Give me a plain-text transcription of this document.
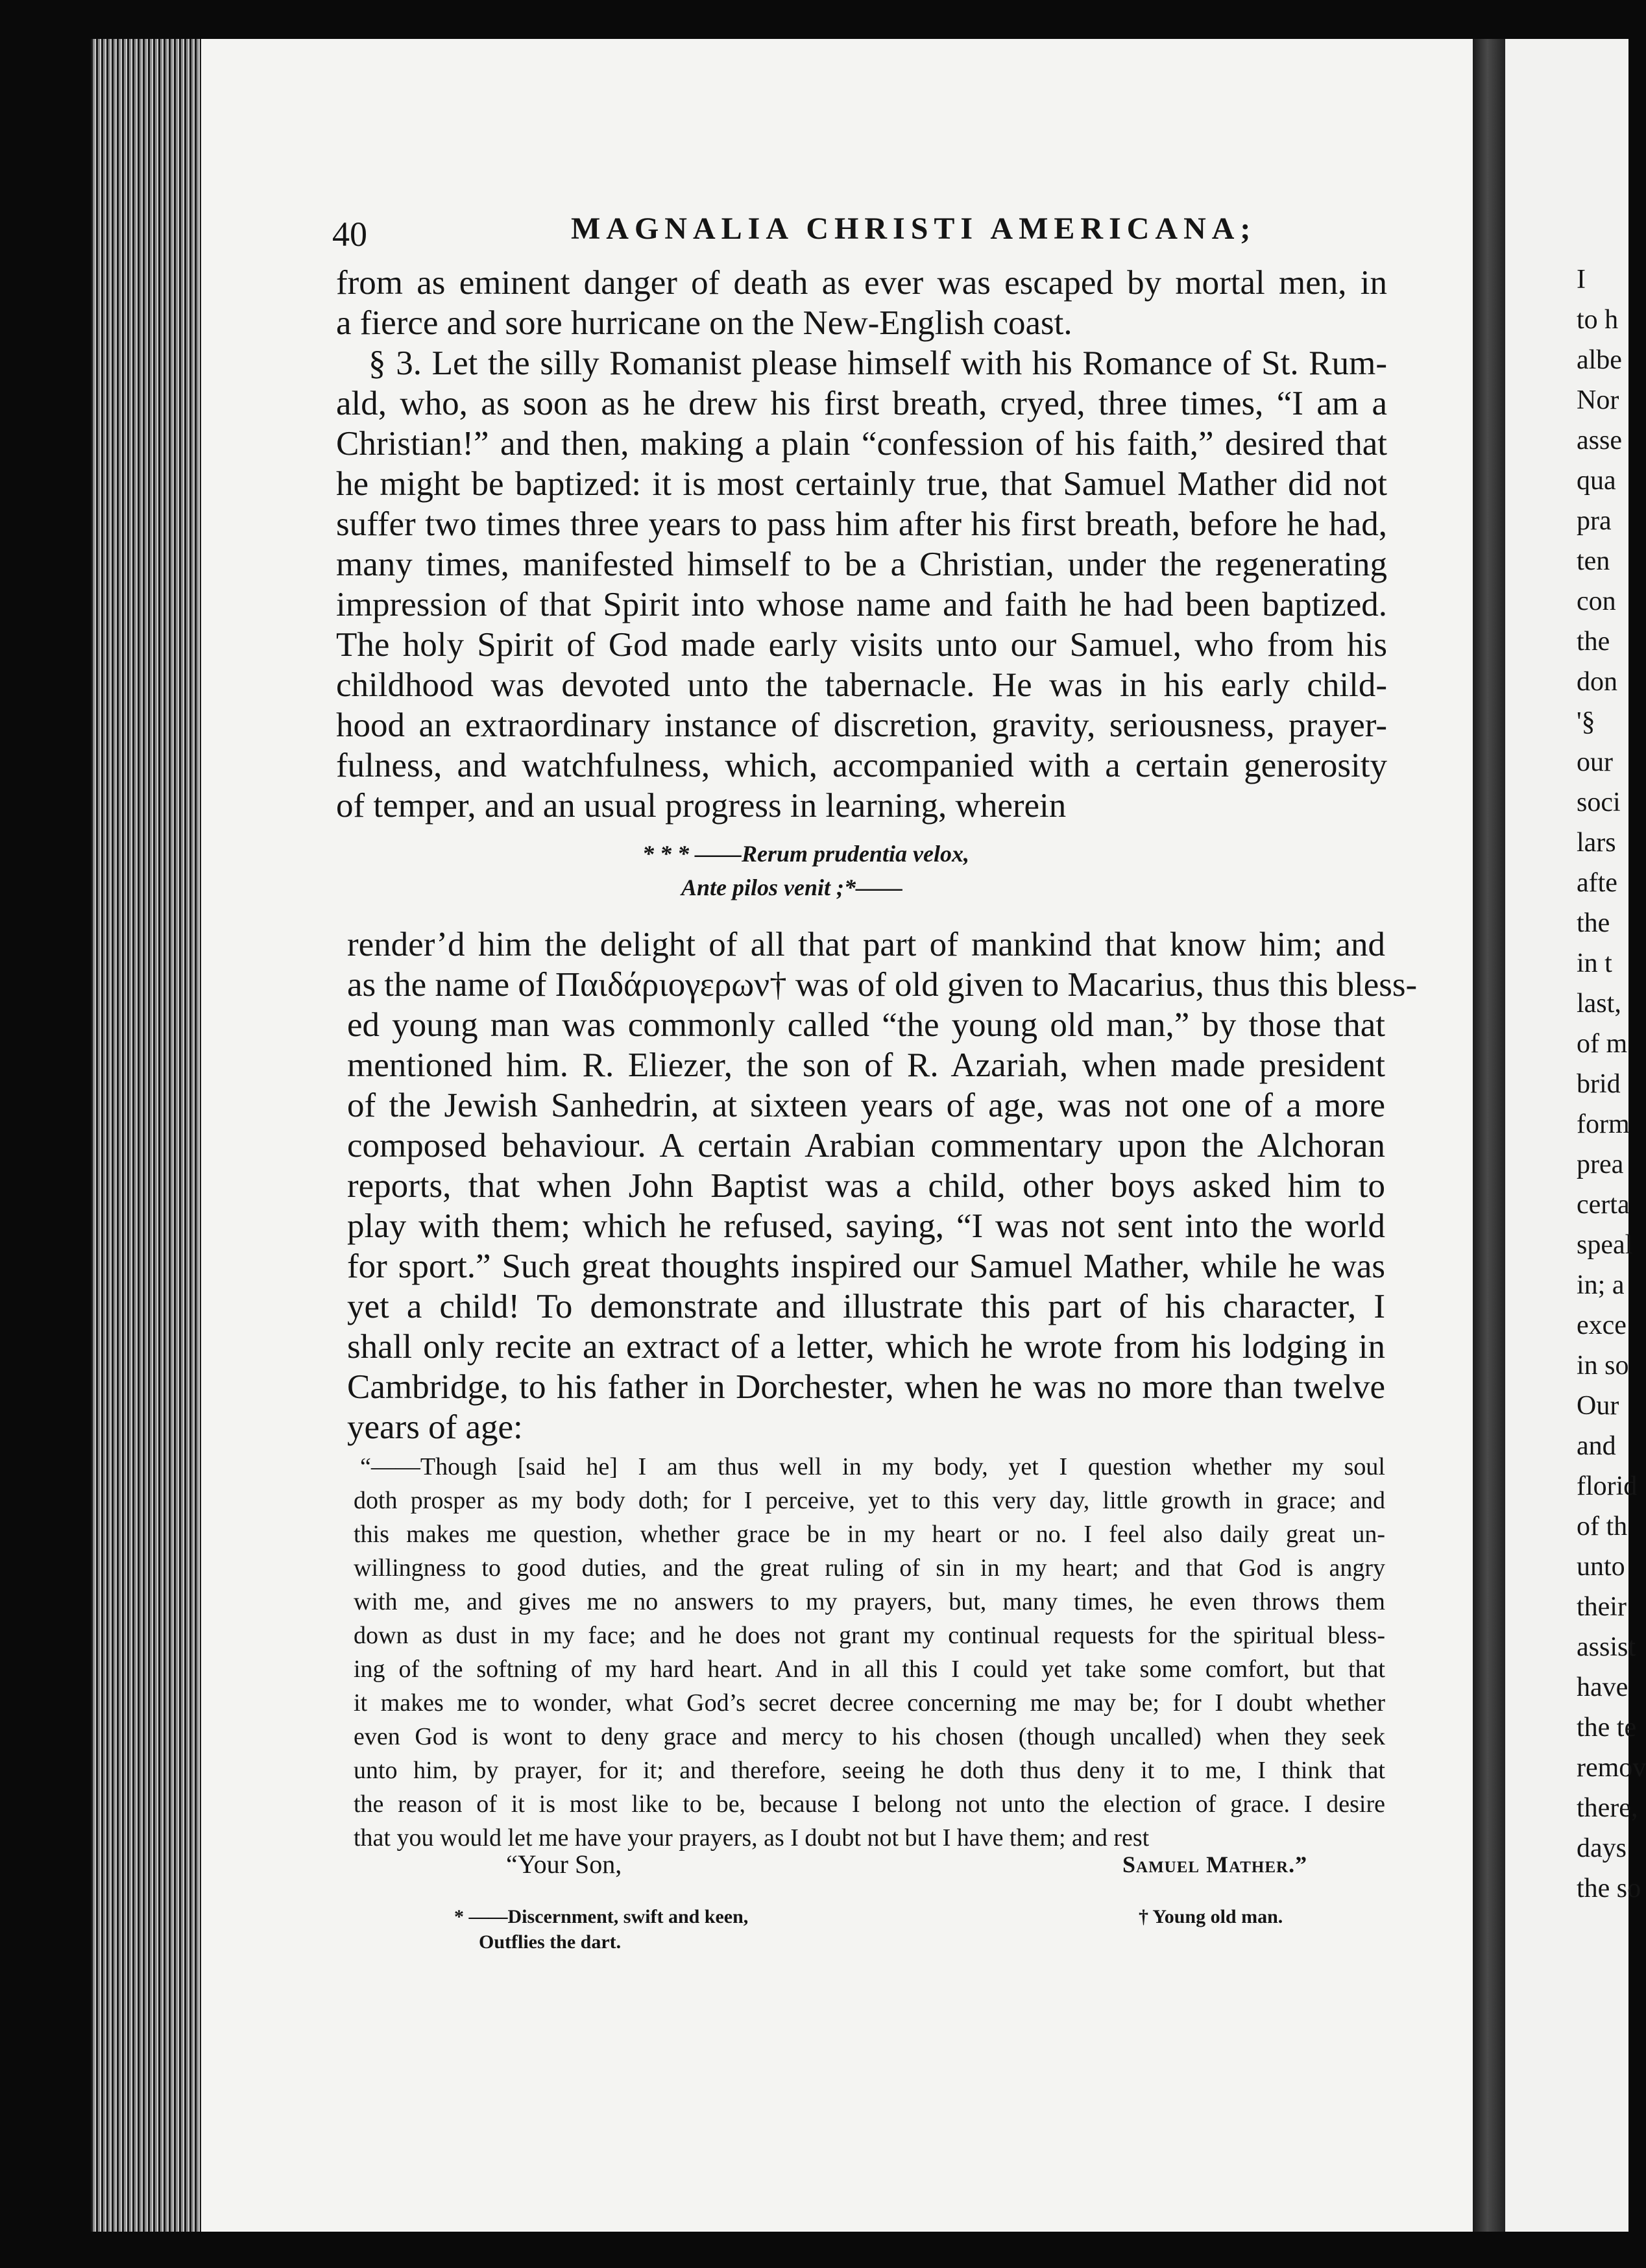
40	MAGNALIA CHRISTI AMERICANA;
from as eminent danger of death as ever was escaped by mortal men, in
a fierce and sore hurricane on the New-English coast.
§ 3. Let the silly Romanist please himself with his Romance of St. Rum-
ald, who, as soon as he drew his first breath, cryed, three times, “I am a
Christian!” and then, making a plain “confession of his faith,” desired that
he might be baptized: it is most certainly true, that Samuel Mather did not
suffer two times three years to pass him after his first breath, before he had,
many times, manifested himself to be a Christian, under the regenerating
impression of that Spirit into whose name and faith he had been baptized.
The holy Spirit of God made early visits unto our Samuel, who from his
childhood was devoted unto the tabernacle. He was in his early child-
hood an extraordinary instance of discretion, gravity, seriousness, prayer-
fulness, and watchfulness, which, accompanied with a certain generosity
of temper, and an usual progress in learning, wherein
* * * ——Rerum prudentia velox,
Ante pilos venit ;*——
render’d him the delight of all that part of mankind that know him; and
as the name of Παιδάριογερων† was of old given to Macarius, thus this bless-
ed young man was commonly called “the young old man,” by those that
mentioned him. R. Eliezer, the son of R. Azariah, when made president
of the Jewish Sanhedrin, at sixteen years of age, was not one of a more
composed behaviour. A certain Arabian commentary upon the Alchoran
reports, that when John Baptist was a child, other boys asked him to
play with them; which he refused, saying, “I was not sent into the world
for sport.” Such great thoughts inspired our Samuel Mather, while he was
yet a child! To demonstrate and illustrate this part of his character, I
shall only recite an extract of a letter, which he wrote from his lodging in
Cambridge, to his father in Dorchester, when he was no more than twelve
years of age:
“——Though [said he] I am thus well in my body, yet I question whether my soul
doth prosper as my body doth; for I perceive, yet to this very day, little growth in grace; and
this makes me question, whether grace be in my heart or no. I feel also daily great un-
willingness to good duties, and the great ruling of sin in my heart; and that God is angry
with me, and gives me no answers to my prayers, but, many times, he even throws them
down as dust in my face; and he does not grant my continual requests for the spiritual bless-
ing of the softning of my hard heart. And in all this I could yet take some comfort, but that
it makes me to wonder, what God’s secret decree concerning me may be; for I doubt whether
even God is wont to deny grace and mercy to his chosen (though uncalled) when they seek
unto him, by prayer, for it; and therefore, seeing he doth thus deny it to me, I think that
the reason of it is most like to be, because I belong not unto the election of grace. I desire
that you would let me have your prayers, as I doubt not but I have them; and rest
“Your Son,	Samuel Mather.”
* ——Discernment, swift and keen,
Outflies the dart.
† Young old man.
I
to h
albe
Nor
asse
qua
pra
ten
con
the
don
'§
our
soci
lars
afte
the
in t
last,
of m
brid
form
prea
certa
speal
in; a
exce
in so
Our
and
florid
of th
unto
their
assist
have
the te
remov
there,
days
the so
